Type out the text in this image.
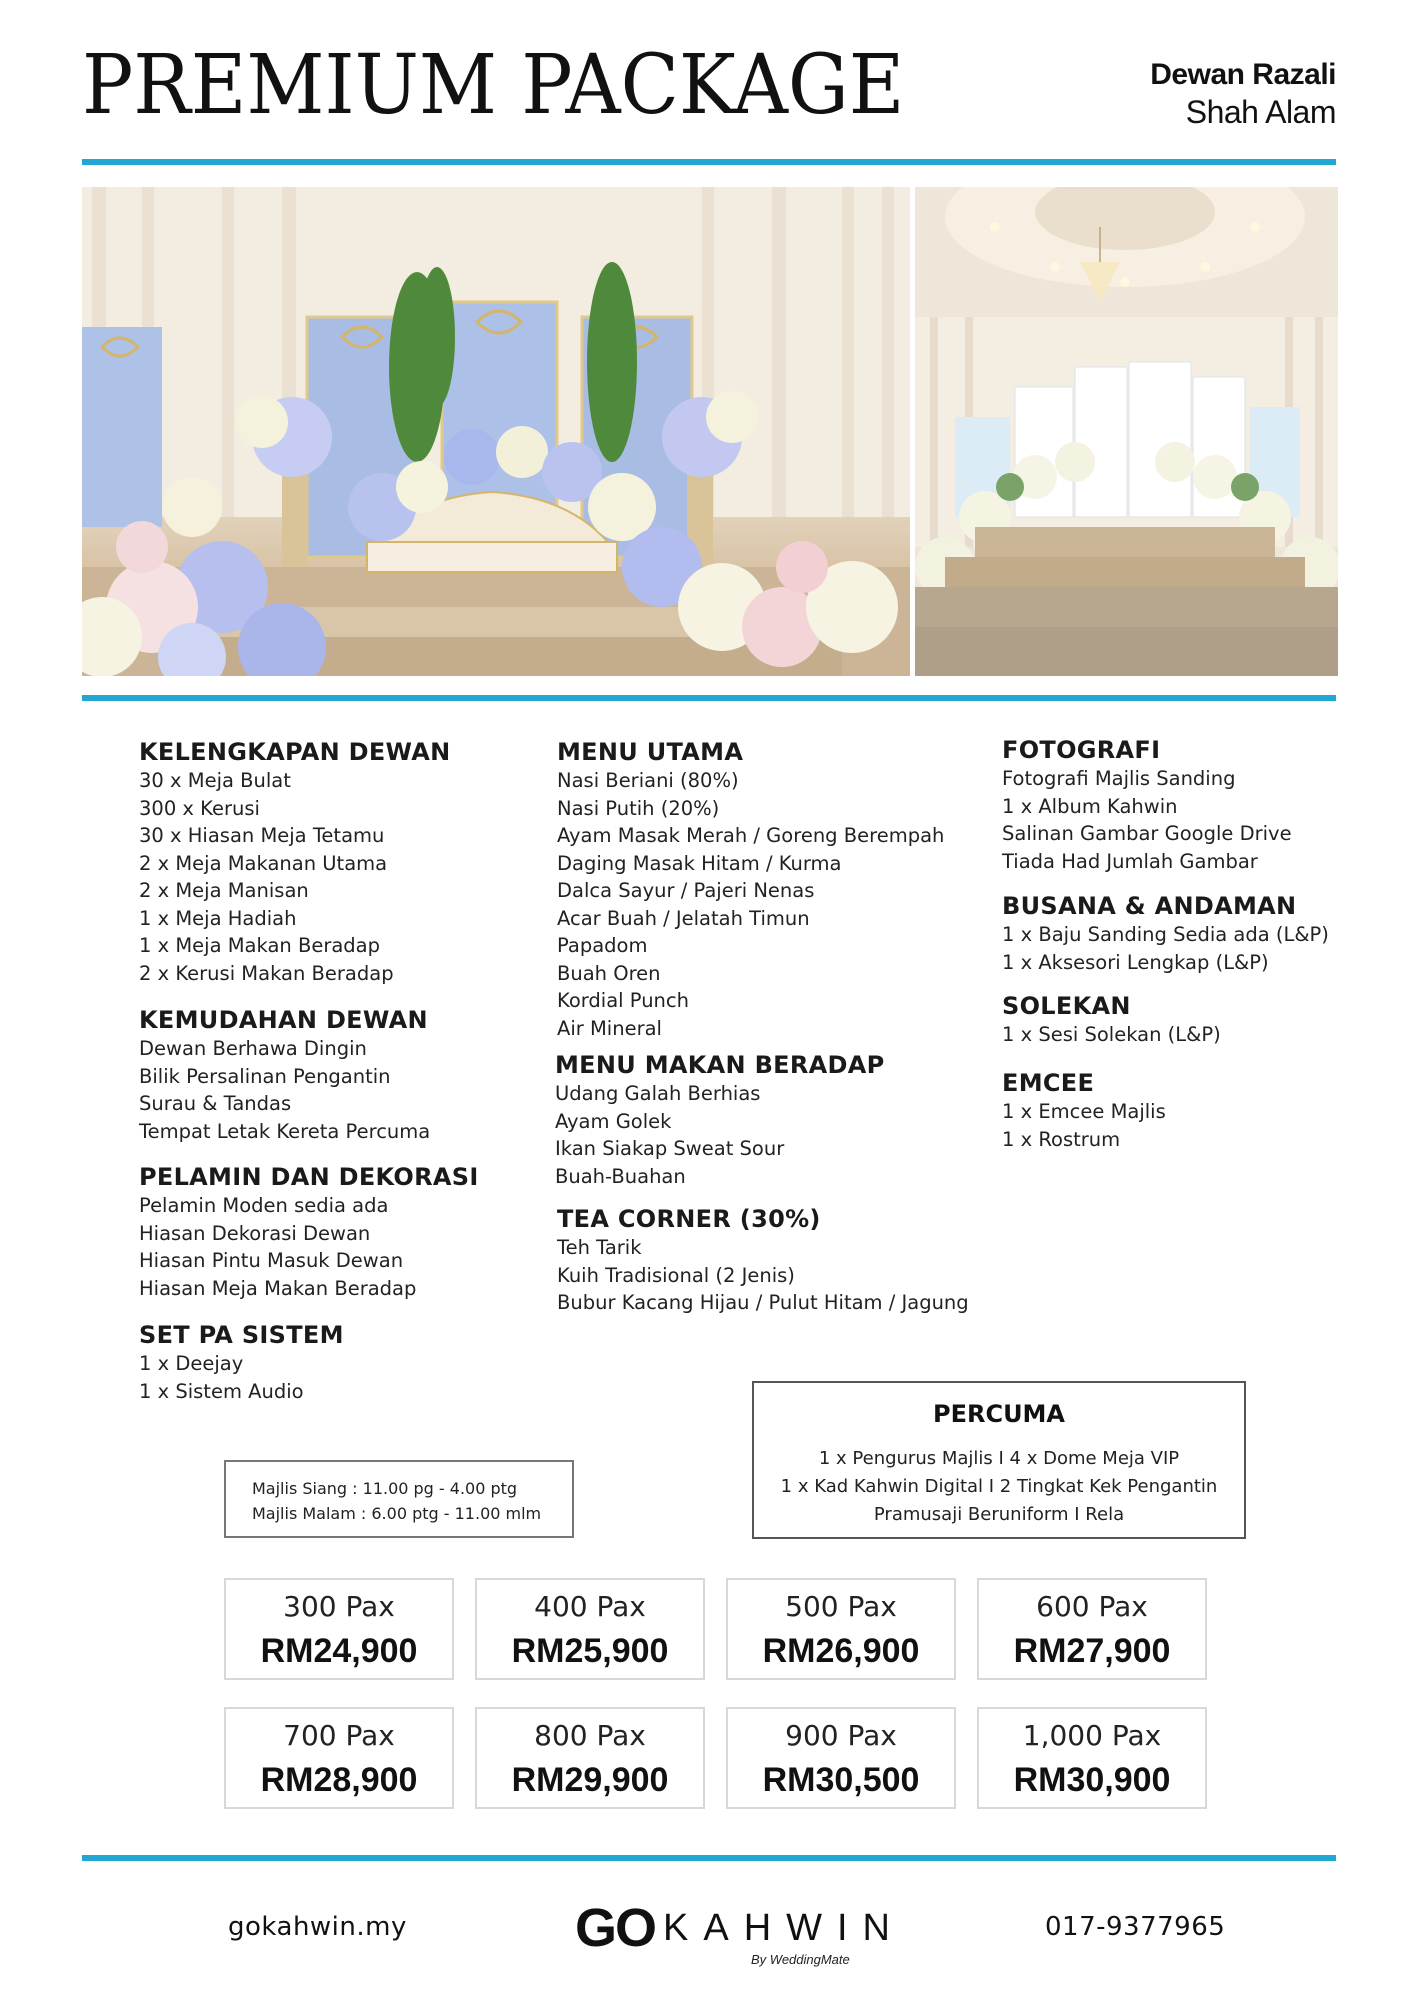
PREMIUM PACKAGE	Dewan Razali
Shah Alam
KELENGKAPAN DEWAN
30 x Meja Bulat
300 x Kerusi
30 x Hiasan Meja Tetamu
2 x Meja Makanan Utama
2 x Meja Manisan
1 x Meja Hadiah
1 x Meja Makan Beradap
2 x Kerusi Makan Beradap
KEMUDAHAN DEWAN
Dewan Berhawa Dingin
Bilik Persalinan Pengantin
Surau & Tandas
Tempat Letak Kereta Percuma
PELAMIN DAN DEKORASI
Pelamin Moden sedia ada
Hiasan Dekorasi Dewan
Hiasan Pintu Masuk Dewan
Hiasan Meja Makan Beradap
SET PA SISTEM
1 x Deejay
1 x Sistem Audio
MENU UTAMA
Nasi Beriani (80%)
Nasi Putih (20%)
Ayam Masak Merah / Goreng Berempah
Daging Masak Hitam / Kurma
Dalca Sayur / Pajeri Nenas
Acar Buah / Jelatah Timun
Papadom
Buah Oren
Kordial Punch
Air Mineral
MENU MAKAN BERADAP
Udang Galah Berhias
Ayam Golek
Ikan Siakap Sweat Sour
Buah-Buahan
TEA CORNER (30%)
Teh Tarik
Kuih Tradisional (2 Jenis)
Bubur Kacang Hijau / Pulut Hitam / Jagung
FOTOGRAFI
Fotografi Majlis Sanding
1 x Album Kahwin
Salinan Gambar Google Drive
Tiada Had Jumlah Gambar
BUSANA & ANDAMAN
1 x Baju Sanding Sedia ada (L&P)
1 x Aksesori Lengkap (L&P)
SOLEKAN
1 x Sesi Solekan (L&P)
EMCEE
1 x Emcee Majlis
1 x Rostrum
PERCUMA
1 x Pengurus Majlis I 4 x Dome Meja VIP
1 x Kad Kahwin Digital I 2 Tingkat Kek Pengantin
Pramusaji Beruniform I Rela
Majlis Siang : 11.00 pg - 4.00 ptg
Majlis Malam : 6.00 ptg - 11.00 mlm
300 Pax
RM24,900
400 Pax
RM25,900
500 Pax
RM26,900
600 Pax
RM27,900
700 Pax
RM28,900
800 Pax
RM29,900
900 Pax
RM30,500
1,000 Pax
RM30,900
gokahwin.my	GO KAHWIN
By WeddingMate
017-9377965
